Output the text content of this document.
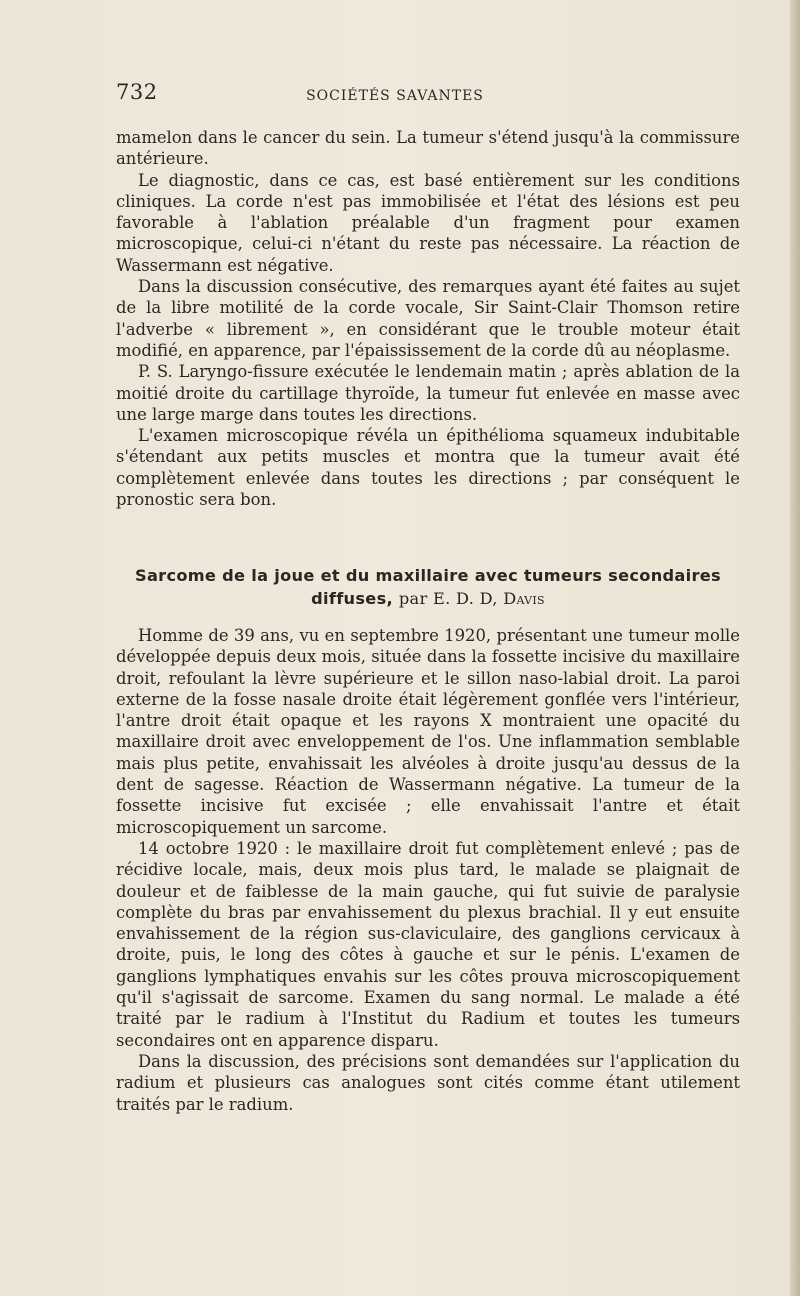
732	SOCIÉTÉS SAVANTES

mamelon dans le cancer du sein. La tumeur s'étend jusqu'à la commissure antérieure.

Le diagnostic, dans ce cas, est basé entièrement sur les conditions cliniques. La corde n'est pas immobilisée et l'état des lésions est peu favorable à l'ablation préalable d'un fragment pour examen microscopique, celui-ci n'étant du reste pas nécessaire. La réaction de Wassermann est négative.

Dans la discussion consécutive, des remarques ayant été faites au sujet de la libre motilité de la corde vocale, Sir Saint-Clair Thomson retire l'adverbe « librement », en considérant que le trouble moteur était modifié, en apparence, par l'épaississement de la corde dû au néoplasme.

P. S. Laryngo-fissure exécutée le lendemain matin ; après ablation de la moitié droite du cartillage thyroïde, la tumeur fut enlevée en masse avec une large marge dans toutes les directions.

L'examen microscopique révéla un épithélioma squameux indubitable s'étendant aux petits muscles et montra que la tumeur avait été complètement enlevée dans toutes les directions ; par conséquent le pronostic sera bon.

Sarcome de la joue et du maxillaire avec tumeurs secondaires
diffuses, par E. D. D, Davis

Homme de 39 ans, vu en septembre 1920, présentant une tumeur molle développée depuis deux mois, située dans la fossette incisive du maxillaire droit, refoulant la lèvre supérieure et le sillon naso-labial droit. La paroi externe de la fosse nasale droite était légèrement gonflée vers l'intérieur, l'antre droit était opaque et les rayons X montraient une opacité du maxillaire droit avec enveloppement de l'os. Une inflammation semblable mais plus petite, envahissait les alvéoles à droite jusqu'au dessus de la dent de sagesse. Réaction de Wassermann négative. La tumeur de la fossette incisive fut excisée ; elle envahissait l'antre et était microscopiquement un sarcome.

14 octobre 1920 : le maxillaire droit fut complètement enlevé ; pas de récidive locale, mais, deux mois plus tard, le malade se plaignait de douleur et de faiblesse de la main gauche, qui fut suivie de paralysie complète du bras par envahissement du plexus brachial. Il y eut ensuite envahissement de la région sus-claviculaire, des ganglions cervicaux à droite, puis, le long des côtes à gauche et sur le pénis. L'examen de ganglions lymphatiques envahis sur les côtes prouva microscopiquement qu'il s'agissait de sarcome. Examen du sang normal. Le malade a été traité par le radium à l'Institut du Radium et toutes les tumeurs secondaires ont en apparence disparu.

Dans la discussion, des précisions sont demandées sur l'application du radium et plusieurs cas analogues sont cités comme étant utilement traités par le radium.
